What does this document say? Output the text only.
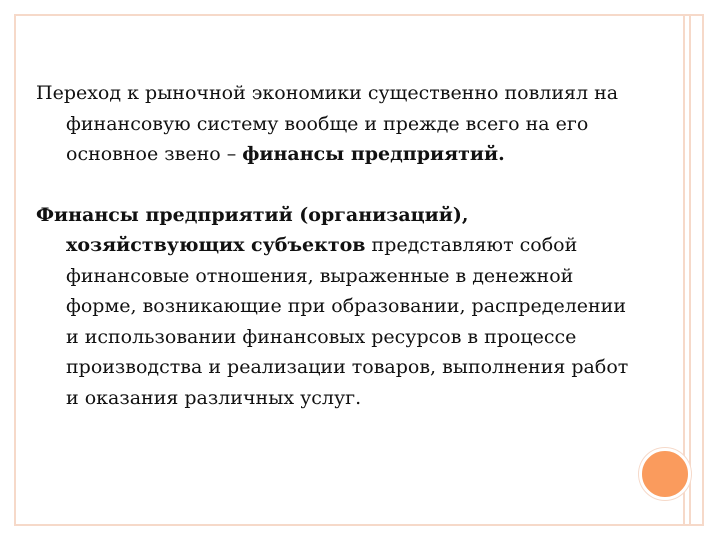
Переход к рыночной экономики существенно повлиял на финансовую систему вообще и прежде всего на его основное звено – финансы предприятий.

Финансы предприятий (организаций), хозяйствующих субъектов представляют собой финансовые отношения, выраженные в денежной форме, возникающие при образовании, распределении и использовании финансовых ресурсов в процессе производства и реализации товаров, выполнения работ и оказания различных услуг.
